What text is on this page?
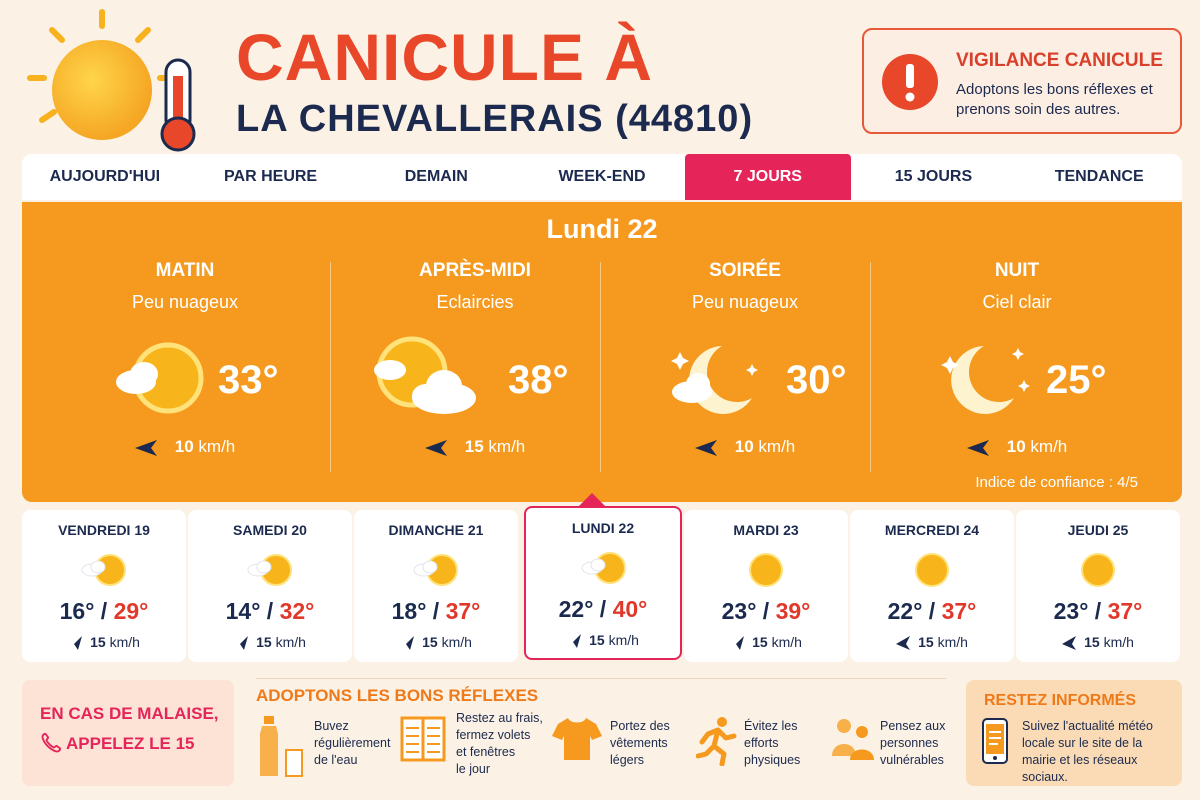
CANICULE À
LA CHEVALLERAIS (44810)
VIGILANCE CANICULE
Adoptons les bons réflexes et prenons soin des autres.
AUJOURD'HUI	PAR HEURE	DEMAIN	WEEK-END	7 JOURS	15 JOURS	TENDANCE
Lundi 22
MATIN
Peu nuageux
33°
10 km/h
APRÈS-MIDI
Eclaircies
38°
15 km/h
SOIRÉE
Peu nuageux
30°
10 km/h
NUIT
Ciel clair
25°
10 km/h
Indice de confiance : 4/5
VENDREDI 19
16° / 29°
15 km/h
SAMEDI 20
14° / 32°
15 km/h
DIMANCHE 21
18° / 37°
15 km/h
LUNDI 22
22° / 40°
15 km/h
MARDI 23
23° / 39°
15 km/h
MERCREDI 24
22° / 37°
15 km/h
JEUDI 25
23° / 37°
15 km/h
EN CAS DE MALAISE,
APPELEZ LE 15
ADOPTONS LES BONS RÉFLEXES
Buvez
régulièrement
de l'eau
Restez au frais,
fermez volets
et fenêtres
le jour
Portez des
vêtements
légers
Évitez les
efforts
physiques
Pensez aux
personnes
vulnérables
RESTEZ INFORMÉS
Suivez l'actualité météo locale sur le site de la mairie et les réseaux sociaux.
